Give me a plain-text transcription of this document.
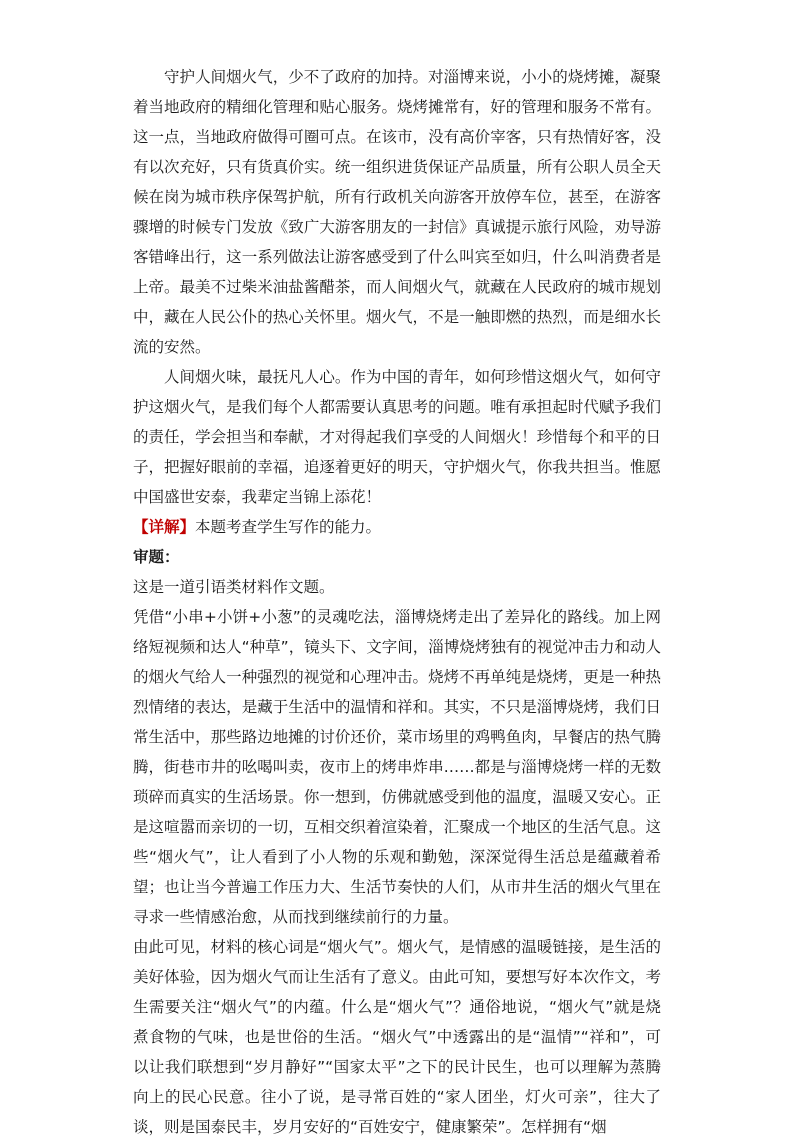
守护人间烟火气，少不了政府的加持。对淄博来说，小小的烧烤摊，凝聚着当地政府的精细化管理和贴心服务。烧烤摊常有，好的管理和服务不常有。这一点，当地政府做得可圈可点。在该市，没有高价宰客，只有热情好客，没有以次充好，只有货真价实。统一组织进货保证产品质量，所有公职人员全天候在岗为城市秩序保驾护航，所有行政机关向游客开放停车位，甚至，在游客骤增的时候专门发放《致广大游客朋友的一封信》真诚提示旅行风险，劝导游客错峰出行，这一系列做法让游客感受到了什么叫宾至如归，什么叫消费者是上帝。最美不过柴米油盐酱醋茶，而人间烟火气，就藏在人民政府的城市规划中，藏在人民公仆的热心关怀里。烟火气，不是一触即燃的热烈，而是细水长流的安然。

人间烟火味，最抚凡人心。作为中国的青年，如何珍惜这烟火气，如何守护这烟火气，是我们每个人都需要认真思考的问题。唯有承担起时代赋予我们的责任，学会担当和奉献，才对得起我们享受的人间烟火！珍惜每个和平的日子，把握好眼前的幸福，追逐着更好的明天，守护烟火气，你我共担当。惟愿中国盛世安泰，我辈定当锦上添花！

【详解】本题考查学生写作的能力。

审题：

这是一道引语类材料作文题。

凭借“小串+小饼+小葱”的灵魂吃法，淄博烧烤走出了差异化的路线。加上网络短视频和达人“种草”，镜头下、文字间，淄博烧烤独有的视觉冲击力和动人的烟火气给人一种强烈的视觉和心理冲击。烧烤不再单纯是烧烤，更是一种热烈情绪的表达，是藏于生活中的温情和祥和。其实，不只是淄博烧烤，我们日常生活中，那些路边地摊的讨价还价，菜市场里的鸡鸭鱼肉，早餐店的热气腾腾，街巷市井的吆喝叫卖，夜市上的烤串炸串……都是与淄博烧烤一样的无数琐碎而真实的生活场景。你一想到，仿佛就感受到他的温度，温暖又安心。正是这喧嚣而亲切的一切，互相交织着渲染着，汇聚成一个地区的生活气息。这些“烟火气”，让人看到了小人物的乐观和勤勉，深深觉得生活总是蕴藏着希望；也让当今普遍工作压力大、生活节奏快的人们，从市井生活的烟火气里在寻求一些情感治愈，从而找到继续前行的力量。

由此可见，材料的核心词是“烟火气”。烟火气，是情感的温暖链接，是生活的美好体验，因为烟火气而让生活有了意义。由此可知，要想写好本次作文，考生需要关注“烟火气”的内蕴。什么是“烟火气”？通俗地说，“烟火气”就是烧煮食物的气味，也是世俗的生活。“烟火气”中透露出的是“温情”“祥和”，可以让我们联想到“岁月静好”“国家太平”之下的民计民生，也可以理解为蒸腾向上的民心民意。往小了说，是寻常百姓的“家人团坐，灯火可亲”，往大了谈，则是国泰民丰，岁月安好的“百姓安宁，健康繁荣”。怎样拥有“烟
